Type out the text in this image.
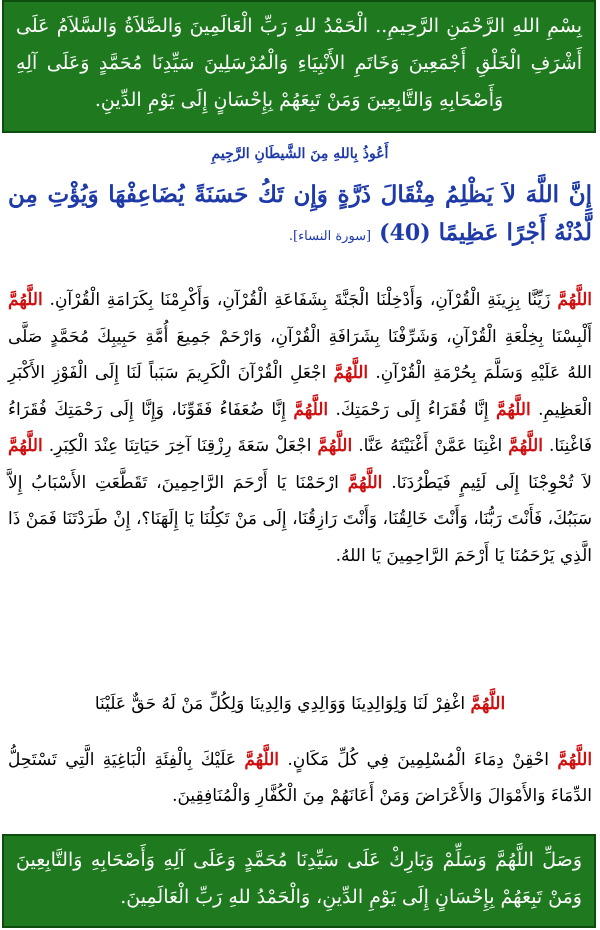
بِسْمِ اللهِ الرَّحْمَنِ الرَّحِيمِ.. الْحَمْدُ للهِ رَبِّ الْعَالَمِينَ وَالصَّلاَةُ وَالسَّلاَمُ عَلَى أَشْرَفِ الْخَلْقِ أَجْمَعِينَ وَخَاتَمِ الأَنْبِيَاءِ وَالْمُرْسَلِينَ سَيِّدِنَا مُحَمَّدٍ وَعَلَى آلِهِ وَأَصْحَابِهِ وَالتَّابِعِينَ وَمَنْ تَبِعَهُمْ بِإِحْسَانٍ إِلَى يَوْمِ الدِّينِ.
أَعُوذُ بِاللهِ مِنَ الشَّيطَانِ الرَّجِيمِ
إِنَّ اللَّهَ لاَ يَظْلِمُ مِثْقَالَ ذَرَّةٍ وَإِن تَكُ حَسَنَةً يُضَاعِفْهَا وَيُؤْتِ مِن لَّدُنْهُ أَجْرًا عَظِيمًا (40) [سورة النساء].
اللَّهُمَّ زَيِّنَّا بِزِينَةِ الْقُرْآنِ، وَأَدْخِلْنَا الْجَنَّةَ بِشَفَاعَةِ الْقُرْآنِ، وَأَكْرِمْنَا بِكَرَامَةِ الْقُرْآنِ. اللَّهُمَّ أَلْبِسْنَا بِخِلْعَةِ الْقُرْآنِ، وَشَرِّفْنَا بِشَرَافَةِ الْقُرْآنِ، وَارْحَمْ جَمِيعَ أُمَّةِ حَبِيبِكَ مُحَمَّدٍ صَلَّى اللهُ عَلَيْهِ وَسَلَّمَ بِحُرْمَةِ الْقُرْآنِ. اللَّهُمَّ اجْعَلِ الْقُرْآنَ الْكَرِيمَ سَبَباً لَنَا إِلَى الْفَوْزِ الأَكْبَرِ الْعَظِيمِ. اللَّهُمَّ إِنَّا فُقَرَاءُ إِلَى رَحْمَتِكَ. اللَّهُمَّ إِنَّا ضُعَفَاءُ فَقَوِّنَا، وَإِنَّا إِلَى رَحْمَتِكَ فُقَرَاءُ فَاغْنِنَا. اللَّهُمَّ اغْنِنَا عَمَّنْ أَغْنَيْتَهُ عَنَّا. اللَّهُمَّ اجْعَلْ سَعَةَ رِزْقِنَا آخِرَ حَيَاتِنَا عِنْدَ الْكِبَرِ. اللَّهُمَّ لاَ تُحْوِجْنَا إِلَى لَئِيمٍ فَيَطْرُدَنَا. اللَّهُمَّ ارْحَمْنَا يَا أَرْحَمَ الرَّاحِمِينَ، تَقَطَّعَتِ الأَسْبَابُ إِلاَّ سَبَبُكَ، فَأَنْتَ رَبُّنَا، وَأَنْتَ خَالِقُنَا، وَأَنْتَ رَازِقُنَا، إِلَى مَنْ تَكِلُنَا يَا إِلَهَنَا؟، إِنْ طَرَدْتَنَا فَمَنْ ذَا الَّذِي يَرْحَمُنَا يَا أَرْحَمَ الرَّاحِمِينَ يَا اللهُ.
اللَّهُمَّ اغْفِرْ لَنَا وَلِوَالِدِينَا وَوَالِدِي وَالِدِينَا وَلِكُلِّ مَنْ لَهُ حَقٌّ عَلَيْنَا
اللَّهُمَّ احْقِنْ دِمَاءَ الْمُسْلِمِينَ فِي كُلِّ مَكَانٍ. اللَّهُمَّ عَلَيْكَ بِالْفِئَةِ الْبَاغِيَةِ الَّتِي تَسْتَحِلُّ الدِّمَاءَ وَالأَمْوَالَ وَالأَعْرَاضَ وَمَنْ أَعَانَهُمْ مِنَ الْكُفَّارِ وَالْمُنَافِقِينَ.
وَصَلِّ اللَّهُمَّ وَسَلِّمْ وَبَارِكْ عَلَى سَيِّدِنَا مُحَمَّدٍ وَعَلَى آلِهِ وَأَصْحَابِهِ وَالتَّابِعِينَ وَمَنْ تَبِعَهُمْ بِإِحْسَانٍ إِلَى يَوْمِ الدِّينِ، وَالْحَمْدُ للهِ رَبِّ الْعَالَمِينَ.
